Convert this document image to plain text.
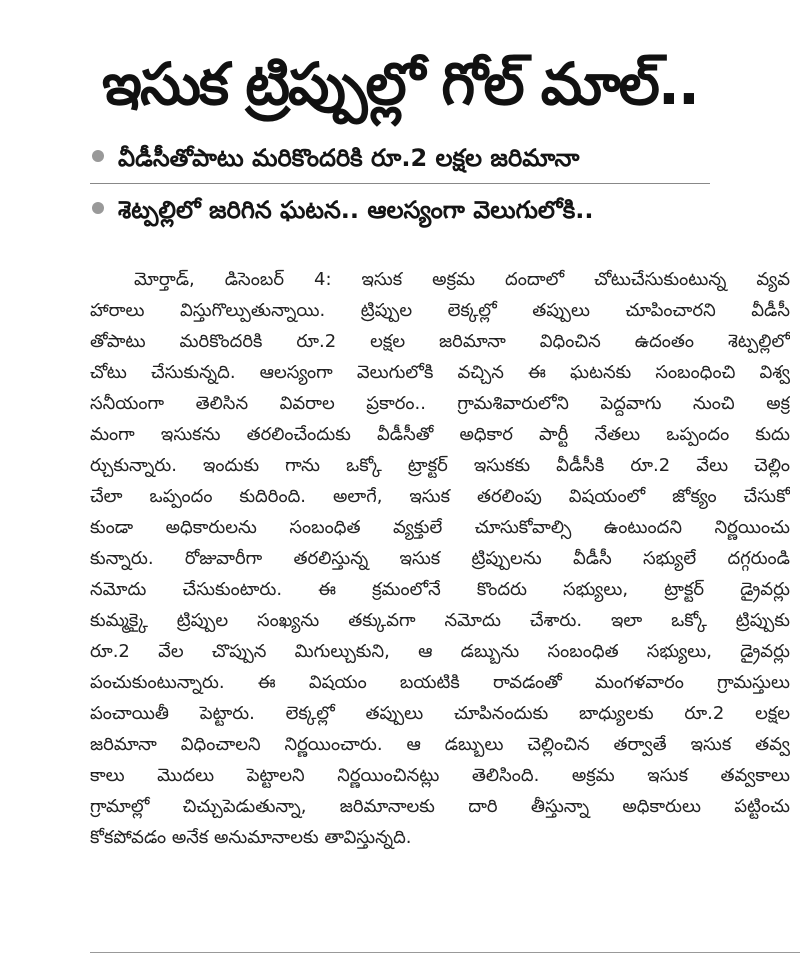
ఇసుక ట్రిప్పుల్లో గోల్ మాల్..
వీడీసీతోపాటు మరికొందరికి రూ.2 లక్షల జరిమానా
శెట్పల్లిలో జరిగిన ఘటన.. ఆలస్యంగా వెలుగులోకి..
మోర్తాడ్, డిసెంబర్ 4: ఇసుక అక్రమ దందాలో చోటుచేసుకుంటున్న వ్యవ
హారాలు విస్తుగొల్పుతున్నాయి. ట్రిప్పుల లెక్కల్లో తప్పులు చూపించారని వీడీసీ
తోపాటు మరికొందరికి రూ.2 లక్షల జరిమానా విధించిన ఉదంతం శెట్పల్లిలో
చోటు చేసుకున్నది. ఆలస్యంగా వెలుగులోకి వచ్చిన ఈ ఘటనకు సంబంధించి విశ్వ
సనీయంగా తెలిసిన వివరాల ప్రకారం.. గ్రామశివారులోని పెద్దవాగు నుంచి అక్ర
మంగా ఇసుకను తరలించేందుకు వీడీసీతో అధికార పార్టీ నేతలు ఒప్పందం కుదు
ర్చుకున్నారు. ఇందుకు గాను ఒక్కో ట్రాక్టర్ ఇసుకకు వీడీసీకి రూ.2 వేలు చెల్లిం
చేలా ఒప్పందం కుదిరింది. అలాగే, ఇసుక తరలింపు విషయంలో జోక్యం చేసుకో
కుండా అధికారులను సంబంధిత వ్యక్తులే చూసుకోవాల్సి ఉంటుందని నిర్ణయించు
కున్నారు. రోజువారీగా తరలిస్తున్న ఇసుక ట్రిప్పులను వీడీసీ సభ్యులే దగ్గరుండి
నమోదు చేసుకుంటారు. ఈ క్రమంలోనే కొందరు సభ్యులు, ట్రాక్టర్ డ్రైవర్లు
కుమ్మక్కై ట్రిప్పుల సంఖ్యను తక్కువగా నమోదు చేశారు. ఇలా ఒక్కో ట్రిప్పుకు
రూ.2 వేల చొప్పున మిగుల్చుకుని, ఆ డబ్బును సంబంధిత సభ్యులు, డ్రైవర్లు
పంచుకుంటున్నారు. ఈ విషయం బయటికి రావడంతో మంగళవారం గ్రామస్తులు
పంచాయితీ పెట్టారు. లెక్కల్లో తప్పులు చూపినందుకు బాధ్యులకు రూ.2 లక్షల
జరిమానా విధించాలని నిర్ణయించారు. ఆ డబ్బులు చెల్లించిన తర్వాతే ఇసుక తవ్వ
కాలు మొదలు పెట్టాలని నిర్ణయించినట్లు తెలిసింది. అక్రమ ఇసుక తవ్వకాలు
గ్రామాల్లో చిచ్చుపెడుతున్నా, జరిమానాలకు దారి తీస్తున్నా అధికారులు పట్టించు
కోకపోవడం అనేక అనుమానాలకు తావిస్తున్నది.
